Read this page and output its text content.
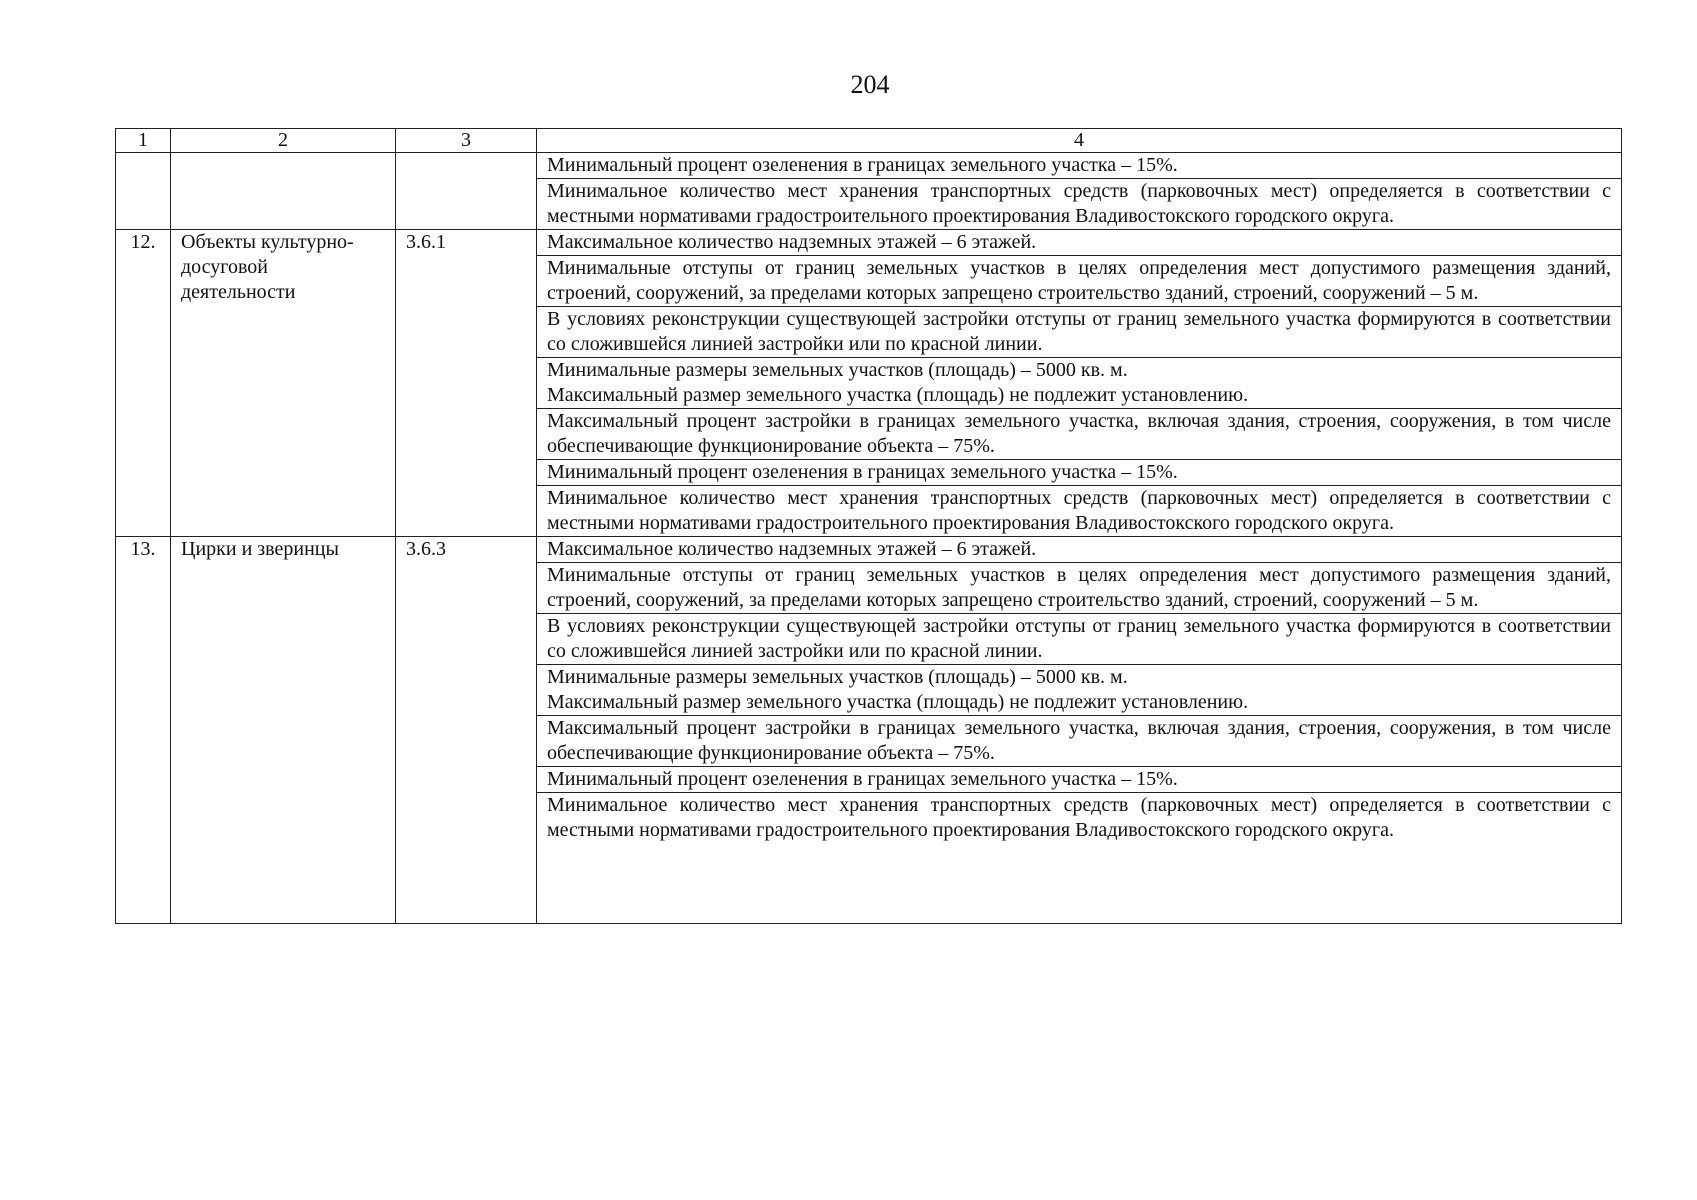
204
1	2	3	4

			Минимальный процент озеленения в границах земельного участка – 15%.

			Минимальное количество мест хранения транспортных средств (парковочных мест) определяется в соответствии с местными нормативами градостроительного проектирования Владивостокского городского округа.

12.	Объекты культурно-досуговой деятельности	3.6.1	Максимальное количество надземных этажей – 6 этажей.

			Минимальные отступы от границ земельных участков в целях определения мест допустимого размещения зданий, строений, сооружений, за пределами которых запрещено строительство зданий, строений, сооружений – 5 м.

			В условиях реконструкции существующей застройки отступы от границ земельного участка формируются в соответствии со сложившейся линией застройки или по красной линии.

			Минимальные размеры земельных участков (площадь) – 5000 кв. м.
Максимальный размер земельного участка (площадь) не подлежит установлению.

			Максимальный процент застройки в границах земельного участка, включая здания, строения, сооружения, в том числе обеспечивающие функционирование объекта – 75%.

			Минимальный процент озеленения в границах земельного участка – 15%.

			Минимальное количество мест хранения транспортных средств (парковочных мест) определяется в соответствии с местными нормативами градостроительного проектирования Владивостокского городского округа.

13.	Цирки и зверинцы	3.6.3	Максимальное количество надземных этажей – 6 этажей.

			Минимальные отступы от границ земельных участков в целях определения мест допустимого размещения зданий, строений, сооружений, за пределами которых запрещено строительство зданий, строений, сооружений – 5 м.

			В условиях реконструкции существующей застройки отступы от границ земельного участка формируются в соответствии со сложившейся линией застройки или по красной линии.

			Минимальные размеры земельных участков (площадь) – 5000 кв. м.
Максимальный размер земельного участка (площадь) не подлежит установлению.

			Максимальный процент застройки в границах земельного участка, включая здания, строения, сооружения, в том числе обеспечивающие функционирование объекта – 75%.

			Минимальный процент озеленения в границах земельного участка – 15%.

			Минимальное количество мест хранения транспортных средств (парковочных мест) определяется в соответствии с местными нормативами градостроительного проектирования Владивостокского городского округа.
